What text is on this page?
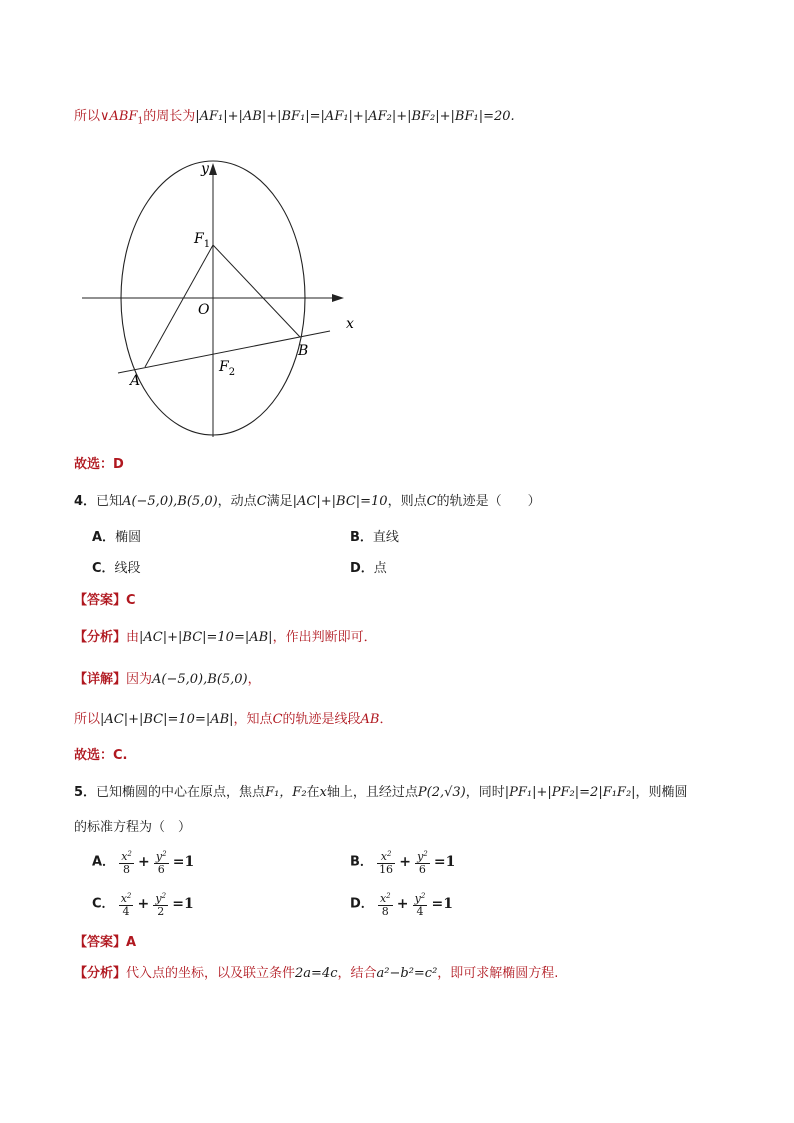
所以$\vee ABF_1$的周长为|AF₁|+|AB|+|BF₁|=|AF₁|+|AF₂|+|BF₂|+|BF₁|=20.
y
x
$F_1$
$F_2$
O
A
B
故选：D
4．已知A(−5,0),B(5,0)，动点C满足|AC|+|BC|=10，则点C的轨迹是（　　）
A．椭圆	B．直线
C．线段	D．点
【答案】C
【分析】由|AC|+|BC|=10=|AB|，作出判断即可．
【详解】因为A(−5,0),B(5,0)，
所以|AC|+|BC|=10=|AB|，知点C的轨迹是线段AB．
故选：C.
5．已知椭圆的中心在原点，焦点F₁，F₂在x轴上，且经过点P(2,√3)，同时|PF₁|+|PF₂|=2|F₁F₂|，则椭圆
的标准方程为（　）
A． $\frac{x^2}{8} + \frac{y^2}{6} =1$	B． $\frac{x^2}{16} + \frac{y^2}{6} =1$
C． $\frac{x^2}{4} + \frac{y^2}{2} =1$	D． $\frac{x^2}{8} + \frac{y^2}{4} =1$
【答案】A
【分析】代入点的坐标，以及联立条件2a=4c，结合a²−b²=c²，即可求解椭圆方程.
